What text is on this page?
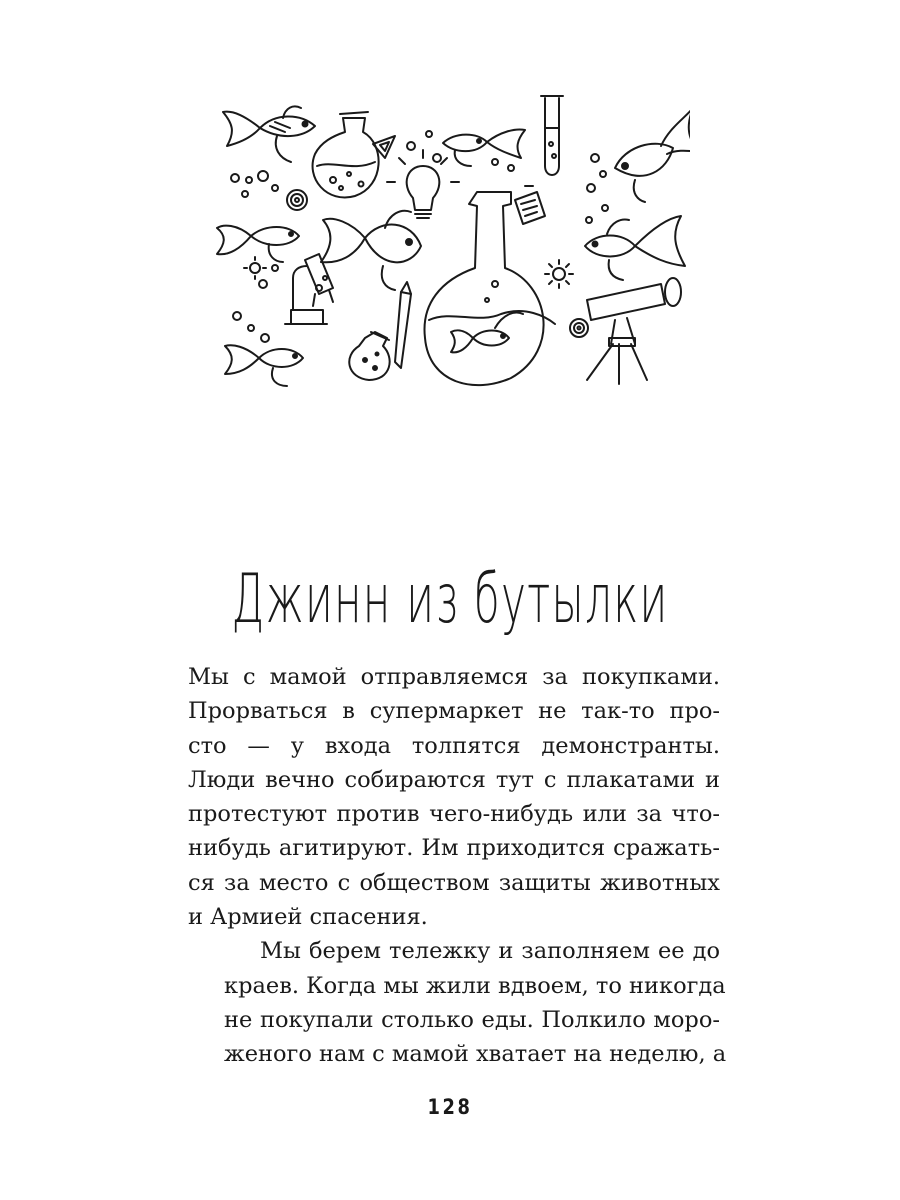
Джинн из бутылки

Мы с мамой отправляемся за покупками.
Прорваться в супермаркет не так-то про-
сто — у входа толпятся демонстранты.
Люди вечно собираются тут с плакатами и
протестуют против чего-нибудь или за что-
нибудь агитируют. Им приходится сражать-
ся за место с обществом защиты животных
и Армией спасения.

Мы берем тележку и заполняем ее до
краев. Когда мы жили вдвоем, то никогда
не покупали столько еды. Полкило моро-
женого нам с мамой хватает на неделю, а

128
